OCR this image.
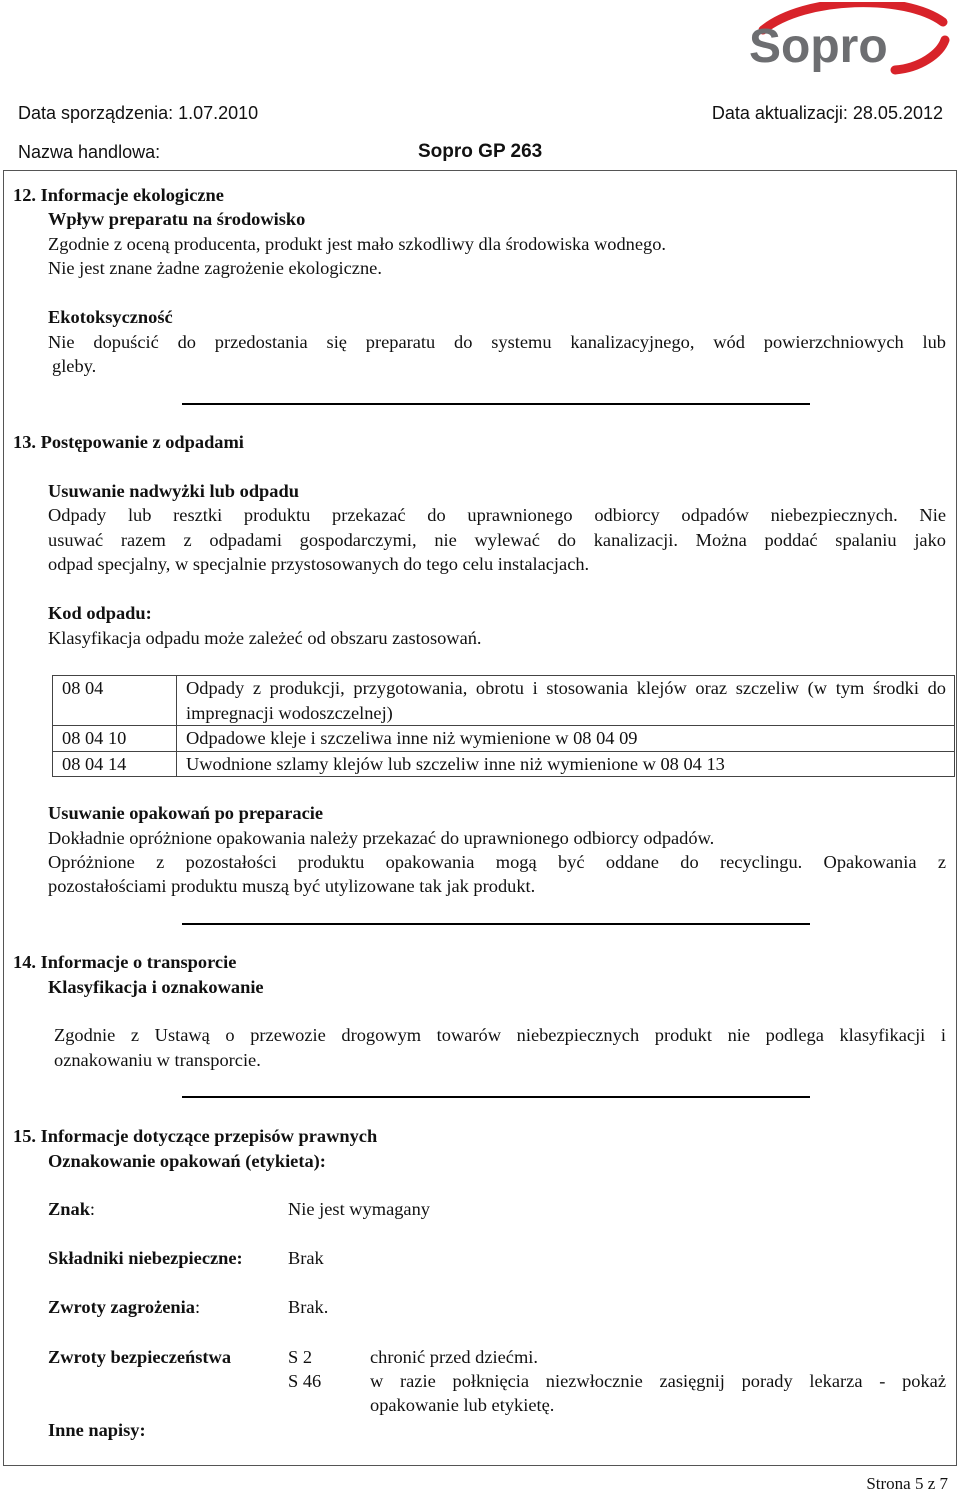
Sopro
Data sporządzenia: 1.07.2010	Data aktualizacji: 28.05.2012
Nazwa handlowa:	Sopro GP 263
12. Informacje ekologiczne
Wpływ preparatu na środowisko
Zgodnie z oceną producenta, produkt jest mało szkodliwy dla środowiska wodnego.
Nie jest znane żadne zagrożenie ekologiczne.
Ekotoksyczność
Nie dopuścić do przedostania się preparatu do systemu kanalizacyjnego, wód powierzchniowych lub
gleby.
13. Postępowanie z odpadami
Usuwanie nadwyżki lub odpadu
Odpady lub resztki produktu przekazać do uprawnionego odbiorcy odpadów niebezpiecznych. Nie
usuwać razem z odpadami gospodarczymi, nie wylewać do kanalizacji. Można poddać spalaniu jako
odpad specjalny, w specjalnie przystosowanych do tego celu instalacjach.
Kod odpadu:
Klasyfikacja odpadu może zależeć od obszaru zastosowań.
08 04	Odpady z produkcji, przygotowania, obrotu i stosowania klejów oraz szczeliw (w tym środki do impregnacji wodoszczelnej)
08 04 10	Odpadowe kleje i szczeliwa inne niż wymienione w 08 04 09
08 04 14	Uwodnione szlamy klejów lub szczeliw inne niż wymienione w 08 04 13
Usuwanie opakowań po preparacie
Dokładnie opróżnione opakowania należy przekazać do uprawnionego odbiorcy odpadów.
Opróżnione z pozostałości produktu opakowania mogą być oddane do recyclingu. Opakowania z
pozostałościami produktu muszą być utylizowane tak jak produkt.
14. Informacje o transporcie
Klasyfikacja i oznakowanie
Zgodnie z Ustawą o przewozie drogowym towarów niebezpiecznych produkt nie podlega klasyfikacji i
oznakowaniu w transporcie.
15. Informacje dotyczące przepisów prawnych
Oznakowanie opakowań (etykieta):
Znak:	Nie jest wymagany
Składniki niebezpieczne: Brak
Zwroty zagrożenia:	Brak.
Zwroty bezpieczeństwa	S 2	chronić przed dziećmi.
S 46	w razie połknięcia niezwłocznie zasięgnij porady lekarza - pokaż
opakowanie lub etykietę.
Inne napisy:
Strona 5 z 7
